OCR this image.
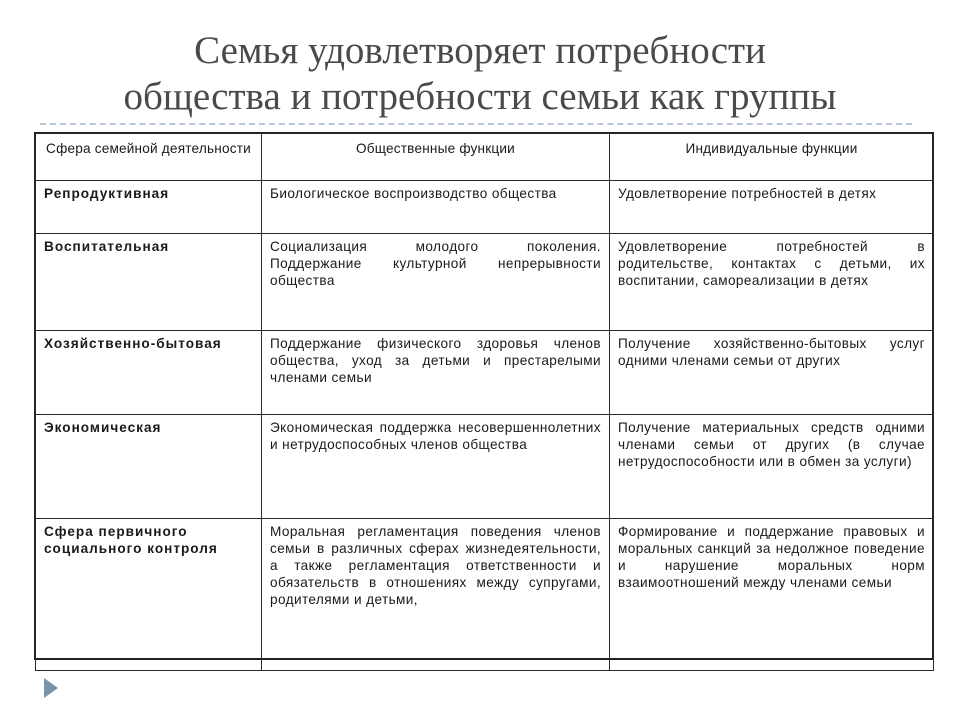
Семья удовлетворяет потребности
общества и потребности семьи как группы
Сфера семейной деятельности	Общественные функции	Индивидуальные функции
Репродуктивная	Биологическое воспроизводство общества	Удовлетворение потребностей в детях
Воспитательная	Социализация молодого поколения. Поддержание культурной непрерывности общества	Удовлетворение потребностей в родительстве, контактах с детьми, их воспитании, самореализации в детях
Хозяйственно-бытовая	Поддержание физического здоровья членов общества, уход за детьми и престарелыми членами семьи	Получение хозяйственно-бытовых услуг одними членами семьи от других
Экономическая	Экономическая поддержка несовершеннолетних и нетрудоспособных членов общества	Получение материальных средств одними членами семьи от других (в случае нетрудоспособности или в обмен за услуги)
Сфера первичного социального контроля	Моральная регламентация поведения членов семьи в различных сферах жизнедеятельности, а также регламентация ответственности и обязательств в отношениях между супругами, родителями и детьми,	Формирование и поддержание правовых и моральных санкций за недолжное поведение и нарушение моральных норм взаимоотношений между членами семьи
